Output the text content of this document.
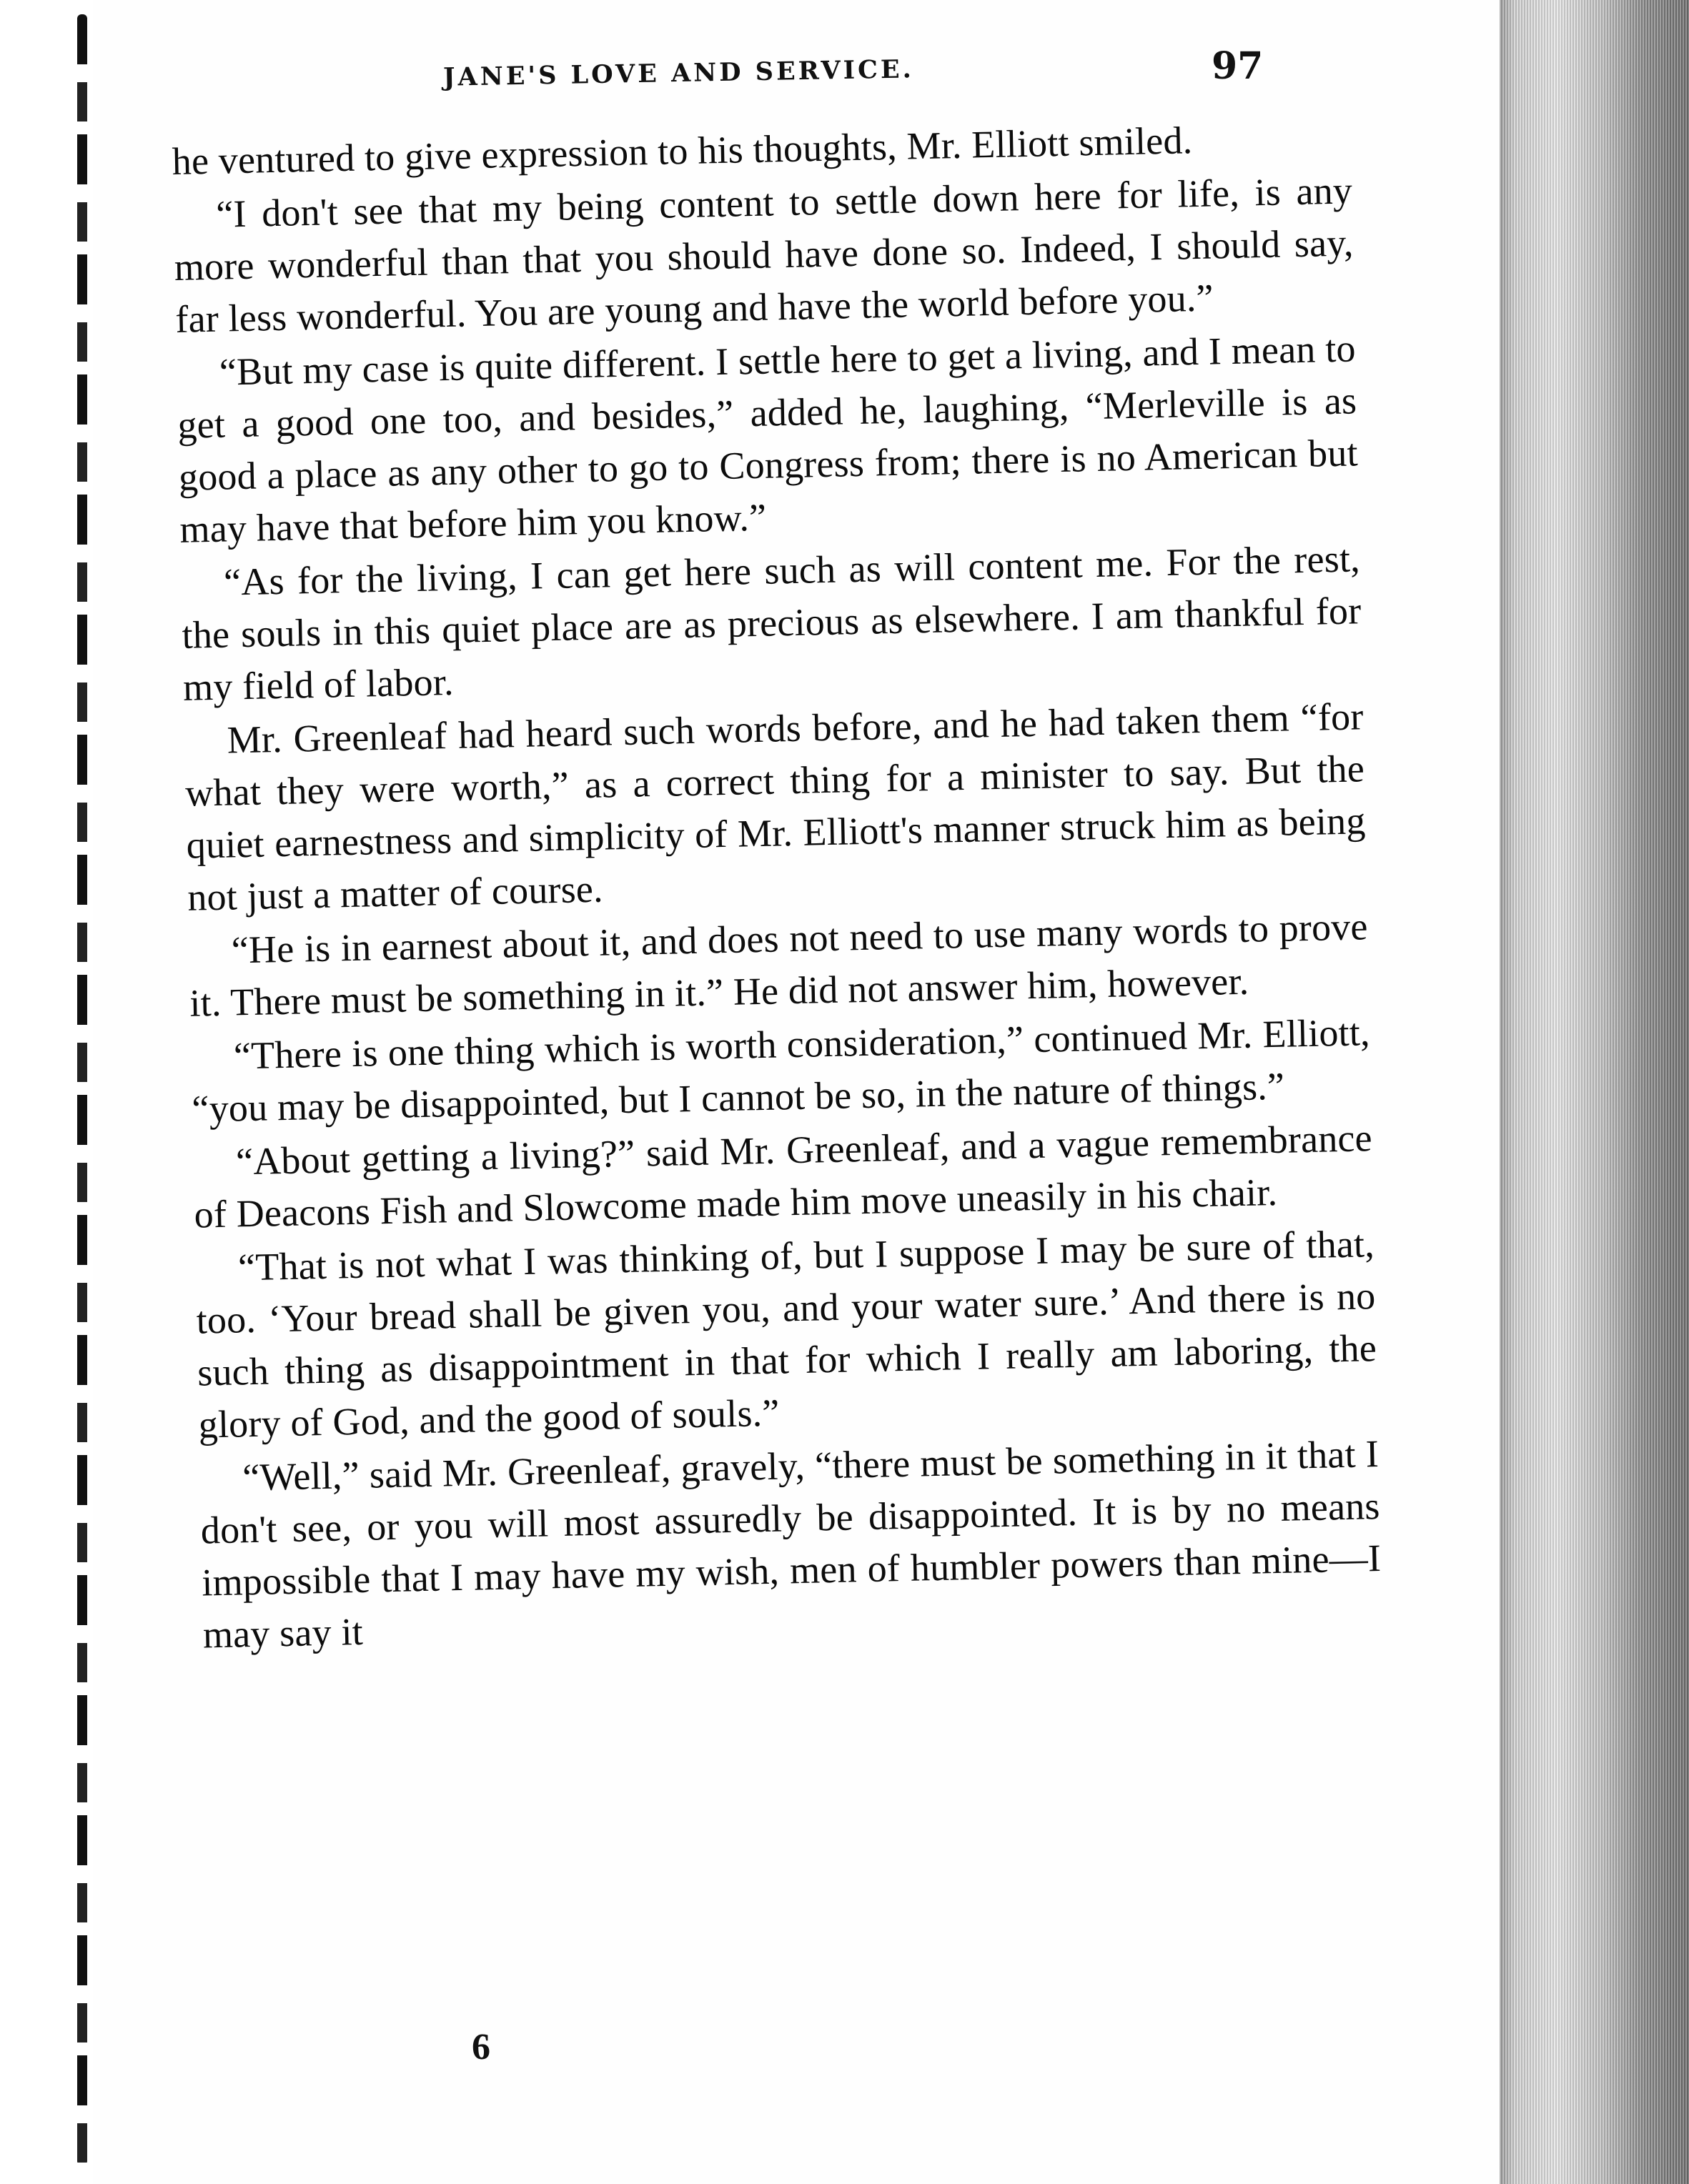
JANE'S LOVE AND SERVICE.	97

he ventured to give expression to his thoughts, Mr. Elliott smiled.

“I don't see that my being content to settle down here for life, is any more wonderful than that you should have done so. Indeed, I should say, far less wonderful. You are young and have the world before you.”

“But my case is quite different. I settle here to get a living, and I mean to get a good one too, and besides,” added he, laughing, “Merleville is as good a place as any other to go to Congress from; there is no American but may have that before him you know.”

“As for the living, I can get here such as will content me. For the rest, the souls in this quiet place are as precious as elsewhere. I am thankful for my field of labor.

Mr. Greenleaf had heard such words before, and he had taken them “for what they were worth,” as a correct thing for a minister to say. But the quiet earnestness and simplicity of Mr. Elliott's manner struck him as being not just a matter of course.

“He is in earnest about it, and does not need to use many words to prove it. There must be something in it.” He did not answer him, however.

“There is one thing which is worth consideration,” continued Mr. Elliott, “you may be disappointed, but I cannot be so, in the nature of things.”

“About getting a living?” said Mr. Greenleaf, and a vague remembrance of Deacons Fish and Slowcome made him move uneasily in his chair.

“That is not what I was thinking of, but I suppose I may be sure of that, too. ‘Your bread shall be given you, and your water sure.’ And there is no such thing as disappointment in that for which I really am laboring, the glory of God, and the good of souls.”

“Well,” said Mr. Greenleaf, gravely, “there must be something in it that I don't see, or you will most assuredly be disappointed. It is by no means impossible that I may have my wish, men of humbler powers than mine—I may say it

6
